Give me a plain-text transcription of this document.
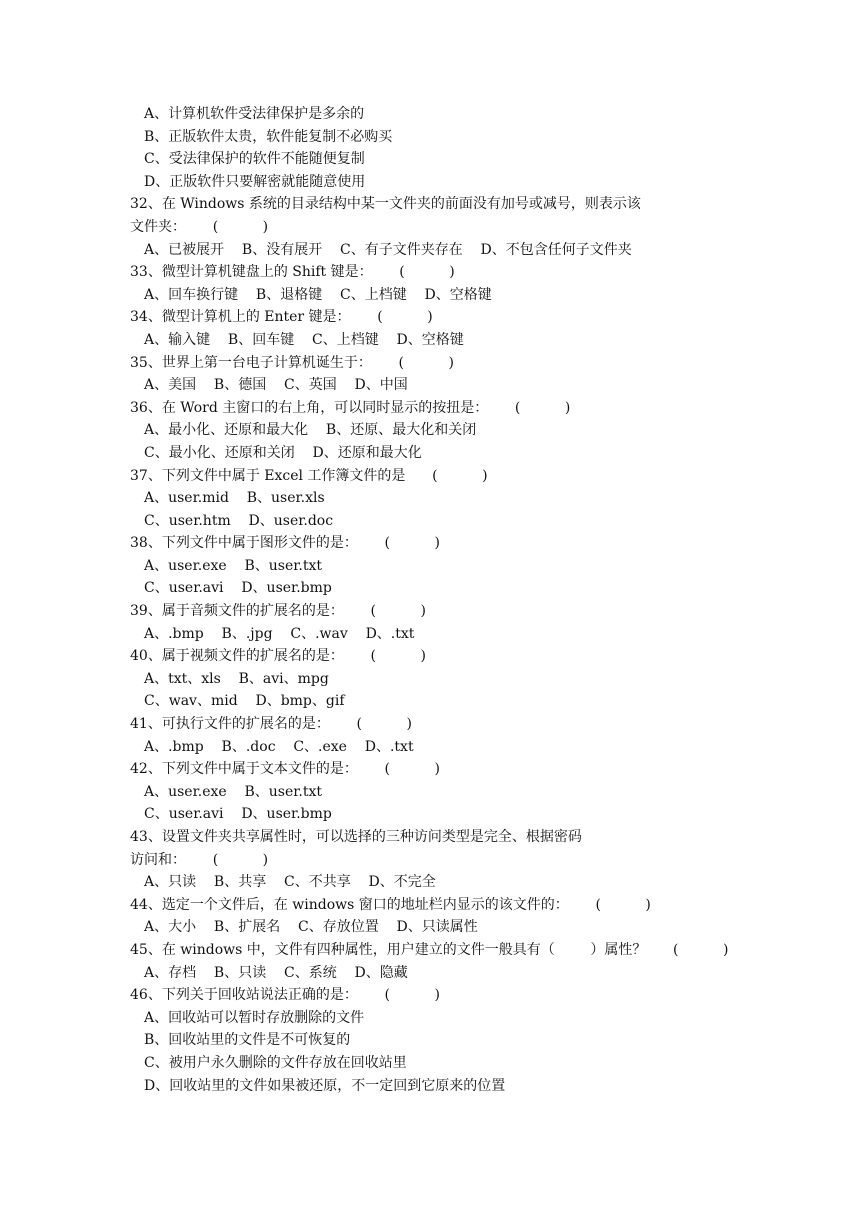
A、计算机软件受法律保护是多余的
B、正版软件太贵，软件能复制不必购买
C、受法律保护的软件不能随便复制
D、正版软件只要解密就能随意使用
32、在 Windows 系统的目录结构中某一文件夹的前面没有加号或减号，则表示该
文件夹：      (          )
A、已被展开    B、没有展开    C、有子文件夹存在    D、不包含任何子文件夹
33、微型计算机键盘上的 Shift 键是：      (          )
A、回车换行键    B、退格键    C、上档键    D、空格键
34、微型计算机上的 Enter 键是：      (          )
A、输入键    B、回车键    C、上档键    D、空格键
35、世界上第一台电子计算机诞生于：      (          )
A、美国    B、德国    C、英国    D、中国
36、在 Word 主窗口的右上角，可以同时显示的按扭是：      (          )
A、最小化、还原和最大化    B、还原、最大化和关闭
C、最小化、还原和关闭    D、还原和最大化
37、下列文件中属于 Excel 工作簿文件的是      (          )
A、user.mid    B、user.xls
C、user.htm    D、user.doc
38、下列文件中属于图形文件的是：      (          )
A、user.exe    B、user.txt
C、user.avi    D、user.bmp
39、属于音频文件的扩展名的是：      (          )
A、.bmp    B、.jpg    C、.wav    D、.txt
40、属于视频文件的扩展名的是：      (          )
A、txt、xls    B、avi、mpg
C、wav、mid    D、bmp、gif
41、可执行文件的扩展名的是：      (          )
A、.bmp    B、.doc    C、.exe    D、.txt
42、下列文件中属于文本文件的是：      (          )
A、user.exe    B、user.txt
C、user.avi    D、user.bmp
43、设置文件夹共享属性时，可以选择的三种访问类型是完全、根据密码
访问和：      (          )
A、只读    B、共享    C、不共享    D、不完全
44、选定一个文件后，在 windows 窗口的地址栏内显示的该文件的：      (          )
A、大小    B、扩展名    C、存放位置    D、只读属性
45、在 windows 中，文件有四种属性，用户建立的文件一般具有（        ）属性？      (          )
A、存档    B、只读    C、系统    D、隐藏
46、下列关于回收站说法正确的是：      (          )
A、回收站可以暂时存放删除的文件
B、回收站里的文件是不可恢复的
C、被用户永久删除的文件存放在回收站里
D、回收站里的文件如果被还原，不一定回到它原来的位置
